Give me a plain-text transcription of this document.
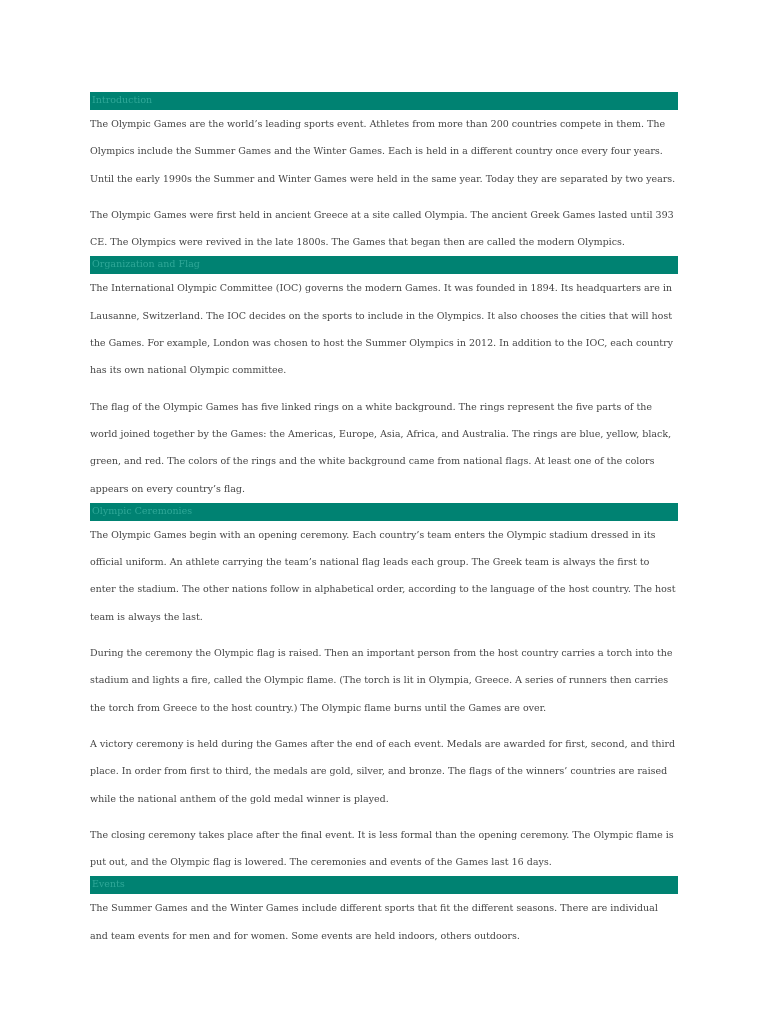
Introduction

The Olympic Games are the world’s leading sports event. Athletes from more than 200 countries compete in them. The Olympics include the Summer Games and the Winter Games. Each is held in a different country once every four years. Until the early 1990s the Summer and Winter Games were held in the same year. Today they are separated by two years.

The Olympic Games were first held in ancient Greece at a site called Olympia. The ancient Greek Games lasted until 393 CE. The Olympics were revived in the late 1800s. The Games that began then are called the modern Olympics.

Organization and Flag

The International Olympic Committee (IOC) governs the modern Games. It was founded in 1894. Its headquarters are in Lausanne, Switzerland. The IOC decides on the sports to include in the Olympics. It also chooses the cities that will host the Games. For example, London was chosen to host the Summer Olympics in 2012. In addition to the IOC, each country has its own national Olympic committee.

The flag of the Olympic Games has five linked rings on a white background. The rings represent the five parts of the world joined together by the Games: the Americas, Europe, Asia, Africa, and Australia. The rings are blue, yellow, black, green, and red. The colors of the rings and the white background came from national flags. At least one of the colors appears on every country’s flag.

Olympic Ceremonies

The Olympic Games begin with an opening ceremony. Each country’s team enters the Olympic stadium dressed in its official uniform. An athlete carrying the team’s national flag leads each group. The Greek team is always the first to enter the stadium. The other nations follow in alphabetical order, according to the language of the host country. The host team is always the last.

During the ceremony the Olympic flag is raised. Then an important person from the host country carries a torch into the stadium and lights a fire, called the Olympic flame. (The torch is lit in Olympia, Greece. A series of runners then carries the torch from Greece to the host country.) The Olympic flame burns until the Games are over.

A victory ceremony is held during the Games after the end of each event. Medals are awarded for first, second, and third place. In order from first to third, the medals are gold, silver, and bronze. The flags of the winners’ countries are raised while the national anthem of the gold medal winner is played.

The closing ceremony takes place after the final event. It is less formal than the opening ceremony. The Olympic flame is put out, and the Olympic flag is lowered. The ceremonies and events of the Games last 16 days.

Events

The Summer Games and the Winter Games include different sports that fit the different seasons. There are individual and team events for men and for women. Some events are held indoors, others outdoors.
